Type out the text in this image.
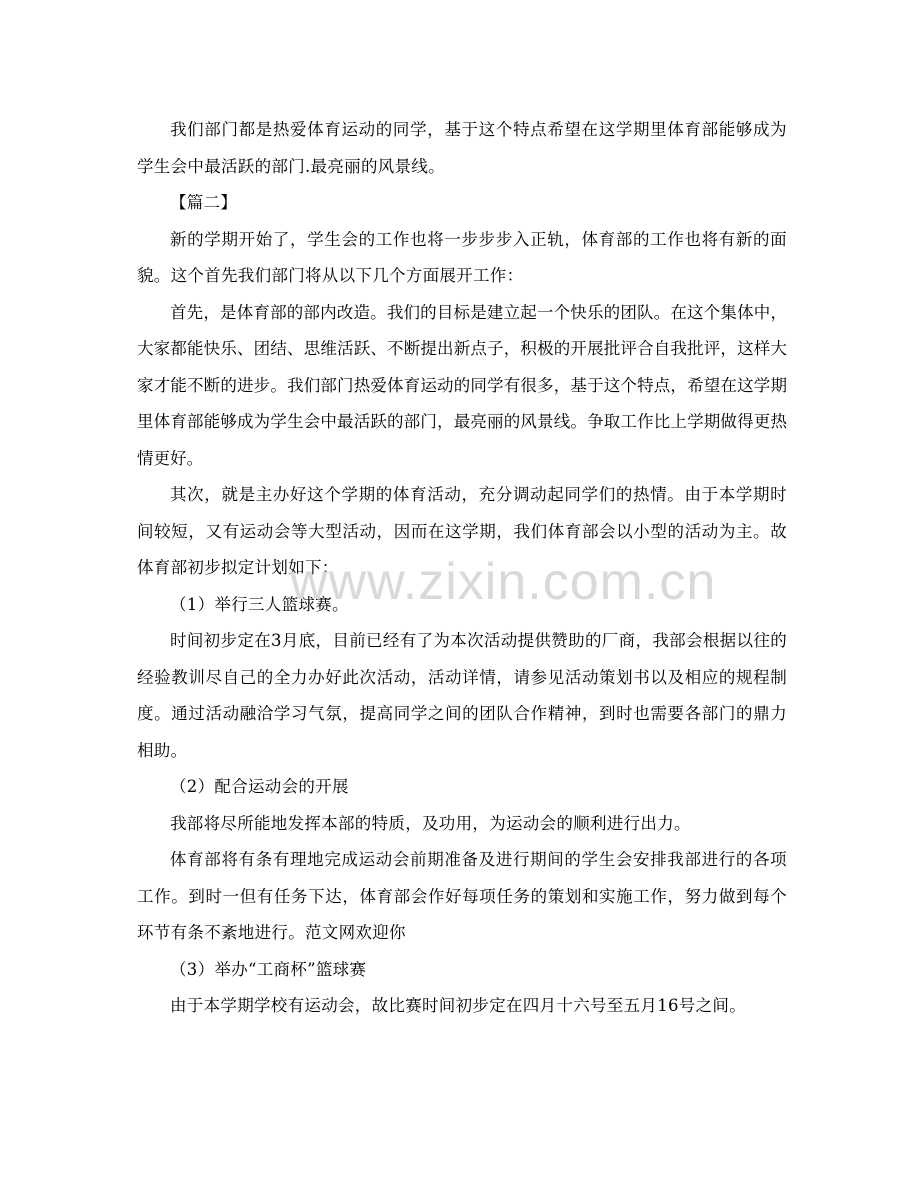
我们部门都是热爱体育运动的同学，基于这个特点希望在这学期里体育部能够成为学生会中最活跃的部门.最亮丽的风景线。

【篇二】

新的学期开始了，学生会的工作也将一步步步入正轨，体育部的工作也将有新的面貌。这个首先我们部门将从以下几个方面展开工作：

首先，是体育部的部内改造。我们的目标是建立起一个快乐的团队。在这个集体中，大家都能快乐、团结、思维活跃、不断提出新点子，积极的开展批评合自我批评，这样大家才能不断的进步。我们部门热爱体育运动的同学有很多，基于这个特点，希望在这学期里体育部能够成为学生会中最活跃的部门，最亮丽的风景线。争取工作比上学期做得更热情更好。

其次，就是主办好这个学期的体育活动，充分调动起同学们的热情。由于本学期时间较短，又有运动会等大型活动，因而在这学期，我们体育部会以小型的活动为主。故体育部初步拟定计划如下：

（1）举行三人篮球赛。

时间初步定在3月底，目前已经有了为本次活动提供赞助的厂商，我部会根据以往的经验教训尽自己的全力办好此次活动，活动详情，请参见活动策划书以及相应的规程制度。通过活动融洽学习气氛，提高同学之间的团队合作精神，到时也需要各部门的鼎力相助。

（2）配合运动会的开展

我部将尽所能地发挥本部的特质，及功用，为运动会的顺利进行出力。

体育部将有条有理地完成运动会前期准备及进行期间的学生会安排我部进行的各项工作。到时一但有任务下达，体育部会作好每项任务的策划和实施工作，努力做到每个环节有条不紊地进行。范文网欢迎你

（3）举办“工商杯”篮球赛

由于本学期学校有运动会，故比赛时间初步定在四月十六号至五月16号之间。

www.zixin.com.cn
